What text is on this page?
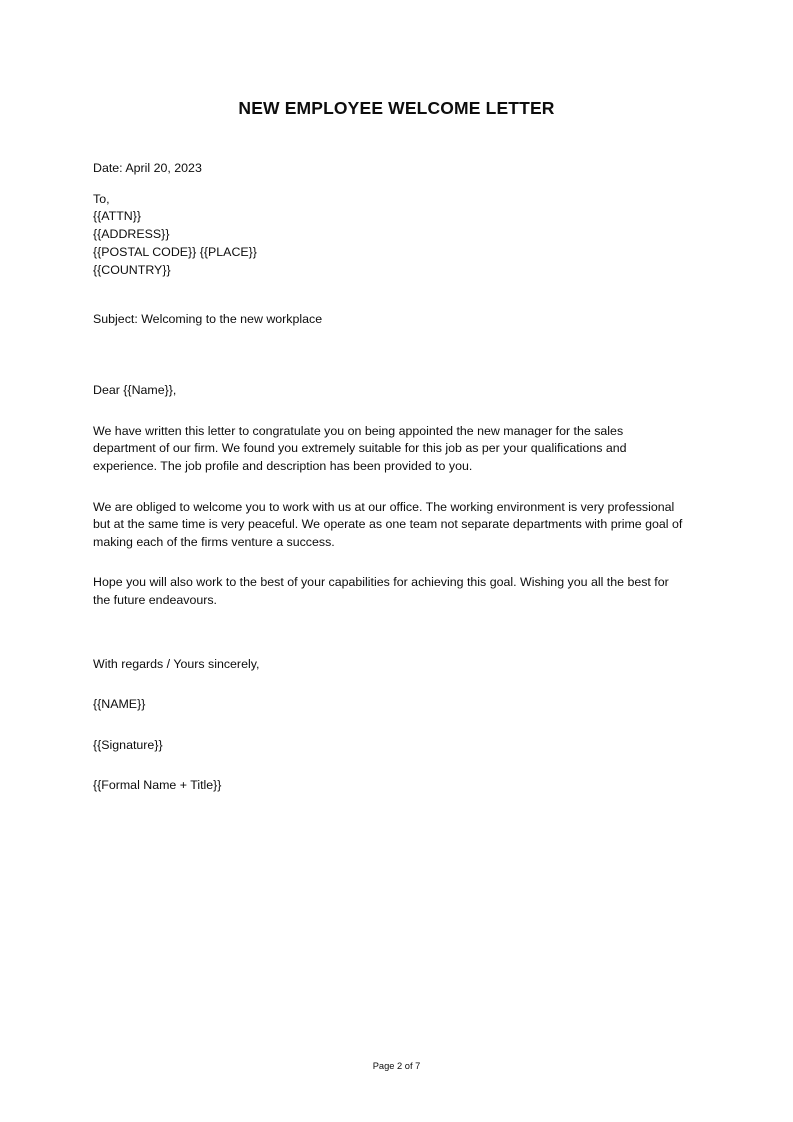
NEW EMPLOYEE WELCOME LETTER

Date: April 20, 2023

To,

{{ATTN}}

{{ADDRESS}}

{{POSTAL CODE}} {{PLACE}}

{{COUNTRY}}

Subject: Welcoming to the new workplace

Dear {{Name}},

We have written this letter to congratulate you on being appointed the new manager for the sales department of our firm. We found you extremely suitable for this job as per your qualifications and experience. The job profile and description has been provided to you.

We are obliged to welcome you to work with us at our office. The working environment is very professional but at the same time is very peaceful. We operate as one team not separate departments with prime goal of making each of the firms venture a success.

Hope you will also work to the best of your capabilities for achieving this goal. Wishing you all the best for the future endeavours.

With regards / Yours sincerely,

{{NAME}}

{{Signature}}

{{Formal Name + Title}}

Page 2 of 7
